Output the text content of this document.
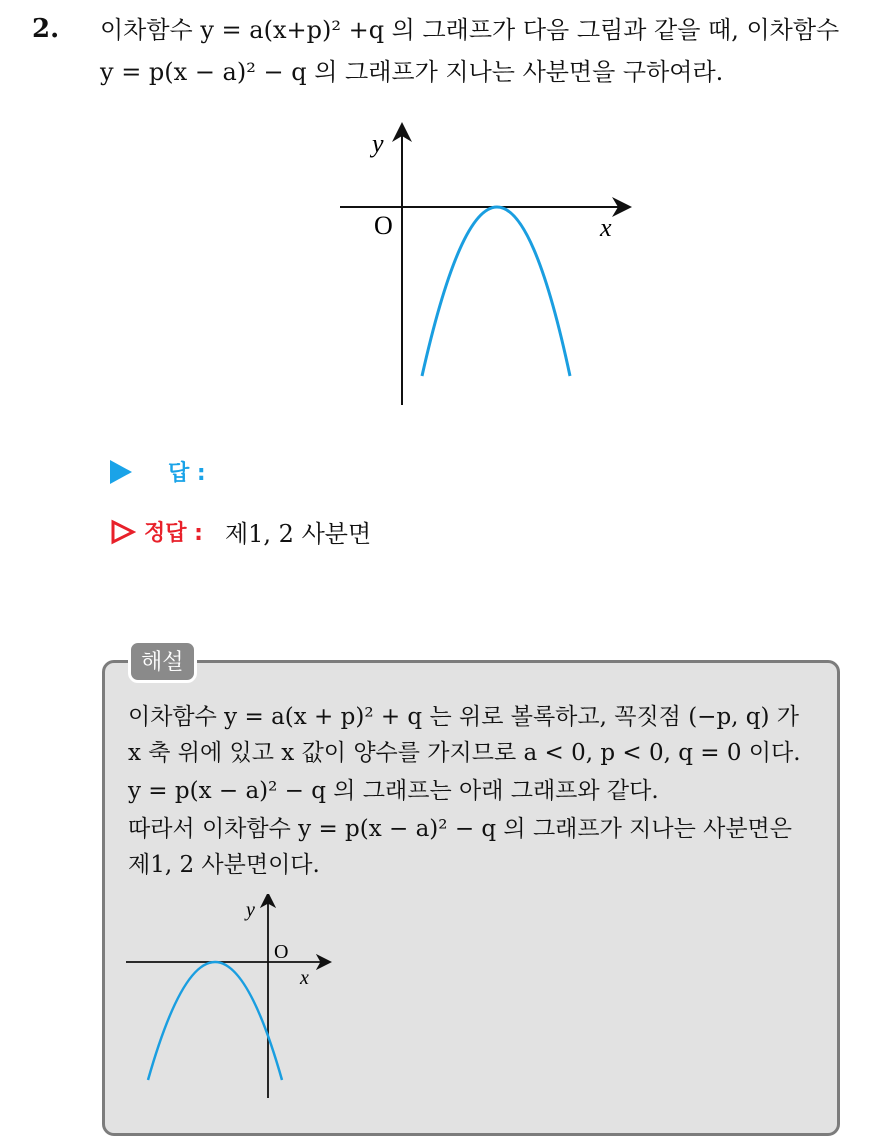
2. 이차함수 y = a(x+p)² +q 의 그래프가 다음 그림과 같을 때, 이차함수
y = p(x − a)² − q 의 그래프가 지나는 사분면을 구하여라.
y
x
O
답 :
정답 : 제1, 2 사분면
해설
이차함수 y = a(x + p)² + q 는 위로 볼록하고, 꼭짓점 (−p, q) 가
x 축 위에 있고 x 값이 양수를 가지므로 a < 0, p < 0, q = 0 이다.
y = p(x − a)² − q 의 그래프는 아래 그래프와 같다.
따라서 이차함수 y = p(x − a)² − q 의 그래프가 지나는 사분면은
제1, 2 사분면이다.
y
x
O
